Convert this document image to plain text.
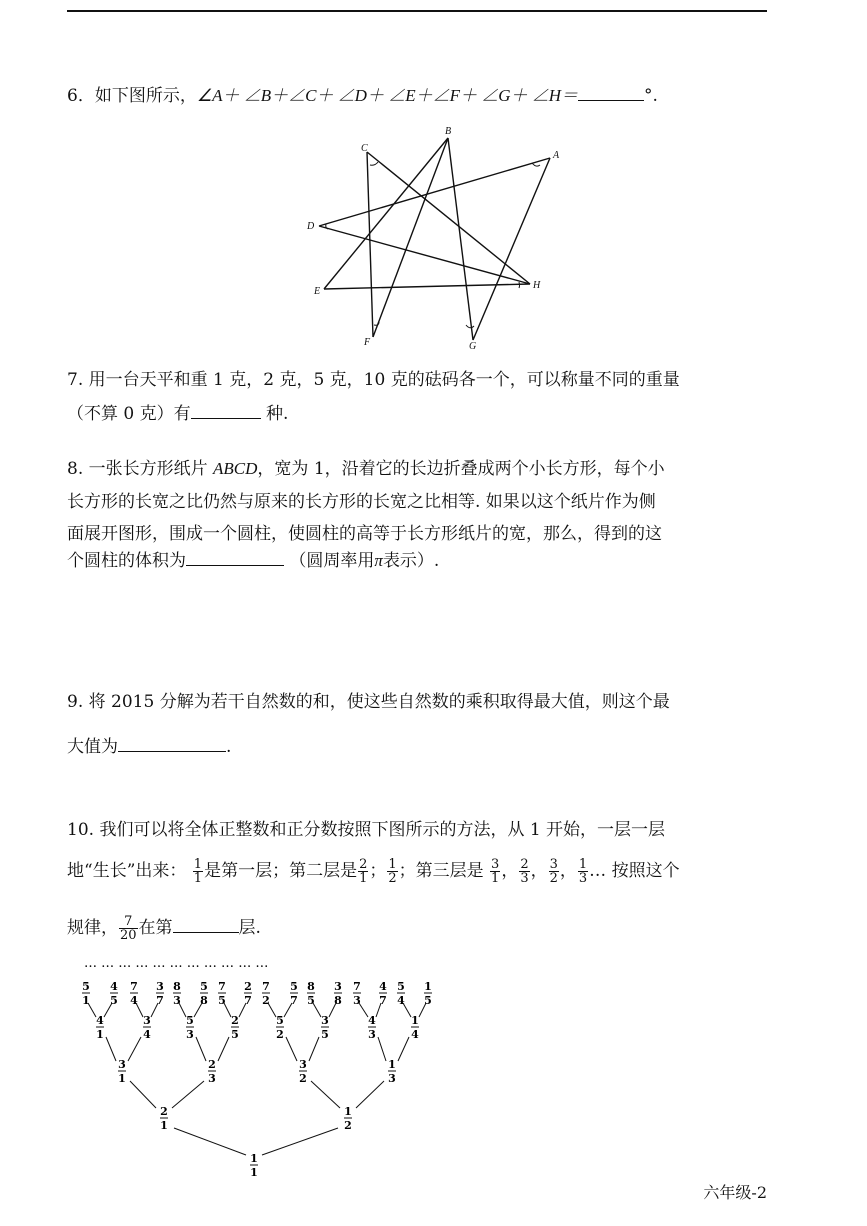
6．如下图所示，∠A＋ ∠B＋∠C＋ ∠D＋ ∠E＋∠F＋ ∠G＋ ∠H＝	°.
A
B
C
D
E
F	G
H
7. 用一台天平和重 1 克，2 克，5 克，10 克的砝码各一个，可以称量不同的重量
（不算 0 克）有	种.
8. 一张长方形纸片 ABCD，宽为 1，沿着它的长边折叠成两个小长方形，每个小
长方形的长宽之比仍然与原来的长方形的长宽之比相等. 如果以这个纸片作为侧
面展开图形，围成一个圆柱，使圆柱的高等于长方形纸片的宽，那么，得到的这
个圆柱的体积为	（圆周率用π表示）.
9. 将 2015 分解为若干自然数的和，使这些自然数的乘积取得最大值，则这个最
大值为	.
10. 我们可以将全体正整数和正分数按照下图所示的方法，从 1 开始，一层一层
地“生长”出来： $\frac{1}{1}$ 是第一层；第二层是 $\frac{2}{1}$ ； $\frac{1}{2}$ ；第三层是 $\frac{3}{1}$ ， $\frac{2}{3}$ ， $\frac{3}{2}$ ， $\frac{1}{3}$ … 按照这个
规律， $\frac{7}{20}$ 在第	层.
… … … … … … … … … … …
5
1
4
5
7
4
3
7
8
3
5
8
7
5
2
7
7
2
5
7
8
5
3
8
7
3
4
7
5
4
1
5
4
1
3
4
5
3
2
5
5
2
3
5
4
3
1
4
3
1
2
3
3
2
1
3
2
1
1
2
1
1
六年级-2
